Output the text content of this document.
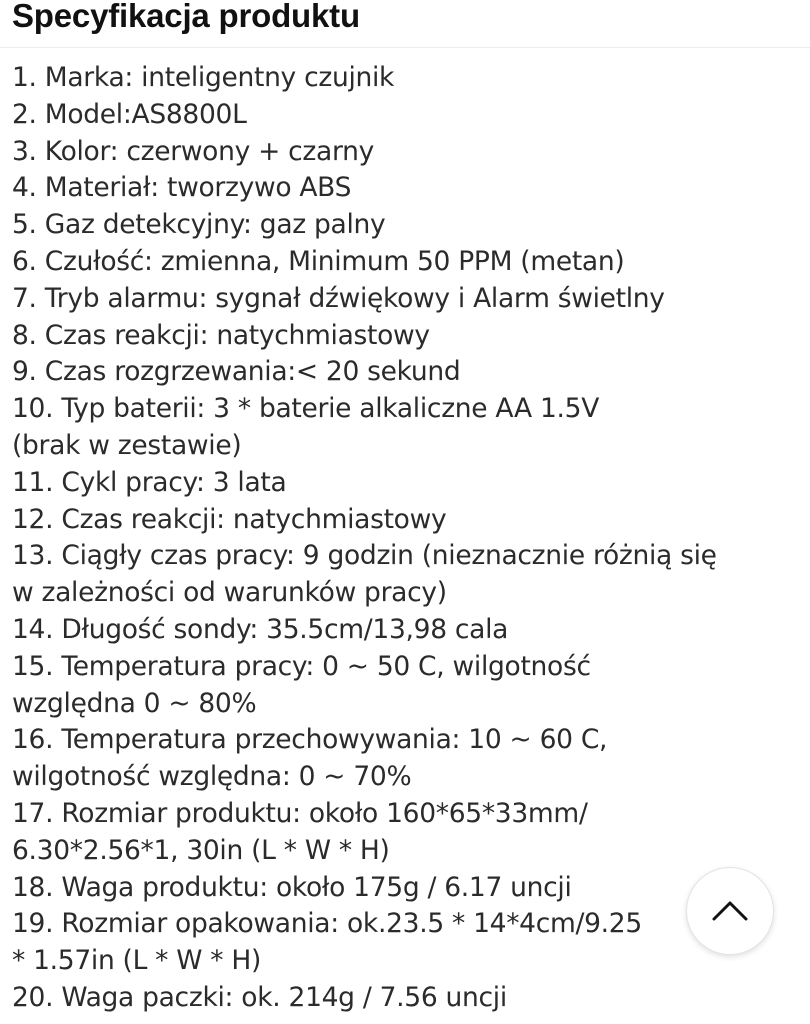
Specyfikacja produktu
1. Marka: inteligentny czujnik
2. Model:AS8800L
3. Kolor: czerwony + czarny
4. Materiał: tworzywo ABS
5. Gaz detekcyjny: gaz palny
6. Czułość: zmienna, Minimum 50 PPM (metan)
7. Tryb alarmu: sygnał dźwiękowy i Alarm świetlny
8. Czas reakcji: natychmiastowy
9. Czas rozgrzewania:< 20 sekund
10. Typ baterii: 3 * baterie alkaliczne AA 1.5V
(brak w zestawie)
11. Cykl pracy: 3 lata
12. Czas reakcji: natychmiastowy
13. Ciągły czas pracy: 9 godzin (nieznacznie różnią się
w zależności od warunków pracy)
14. Długość sondy: 35.5cm/13,98 cala
15. Temperatura pracy: 0 ~ 50 C, wilgotność
względna 0 ~ 80%
16. Temperatura przechowywania: 10 ~ 60 C,
wilgotność względna: 0 ~ 70%
17. Rozmiar produktu: około 160*65*33mm/
6.30*2.56*1, 30in (L * W * H)
18. Waga produktu: około 175g / 6.17 uncji
19. Rozmiar opakowania: ok.23.5 * 14*4cm/9.25
* 1.57in (L * W * H)
20. Waga paczki: ok. 214g / 7.56 uncji
